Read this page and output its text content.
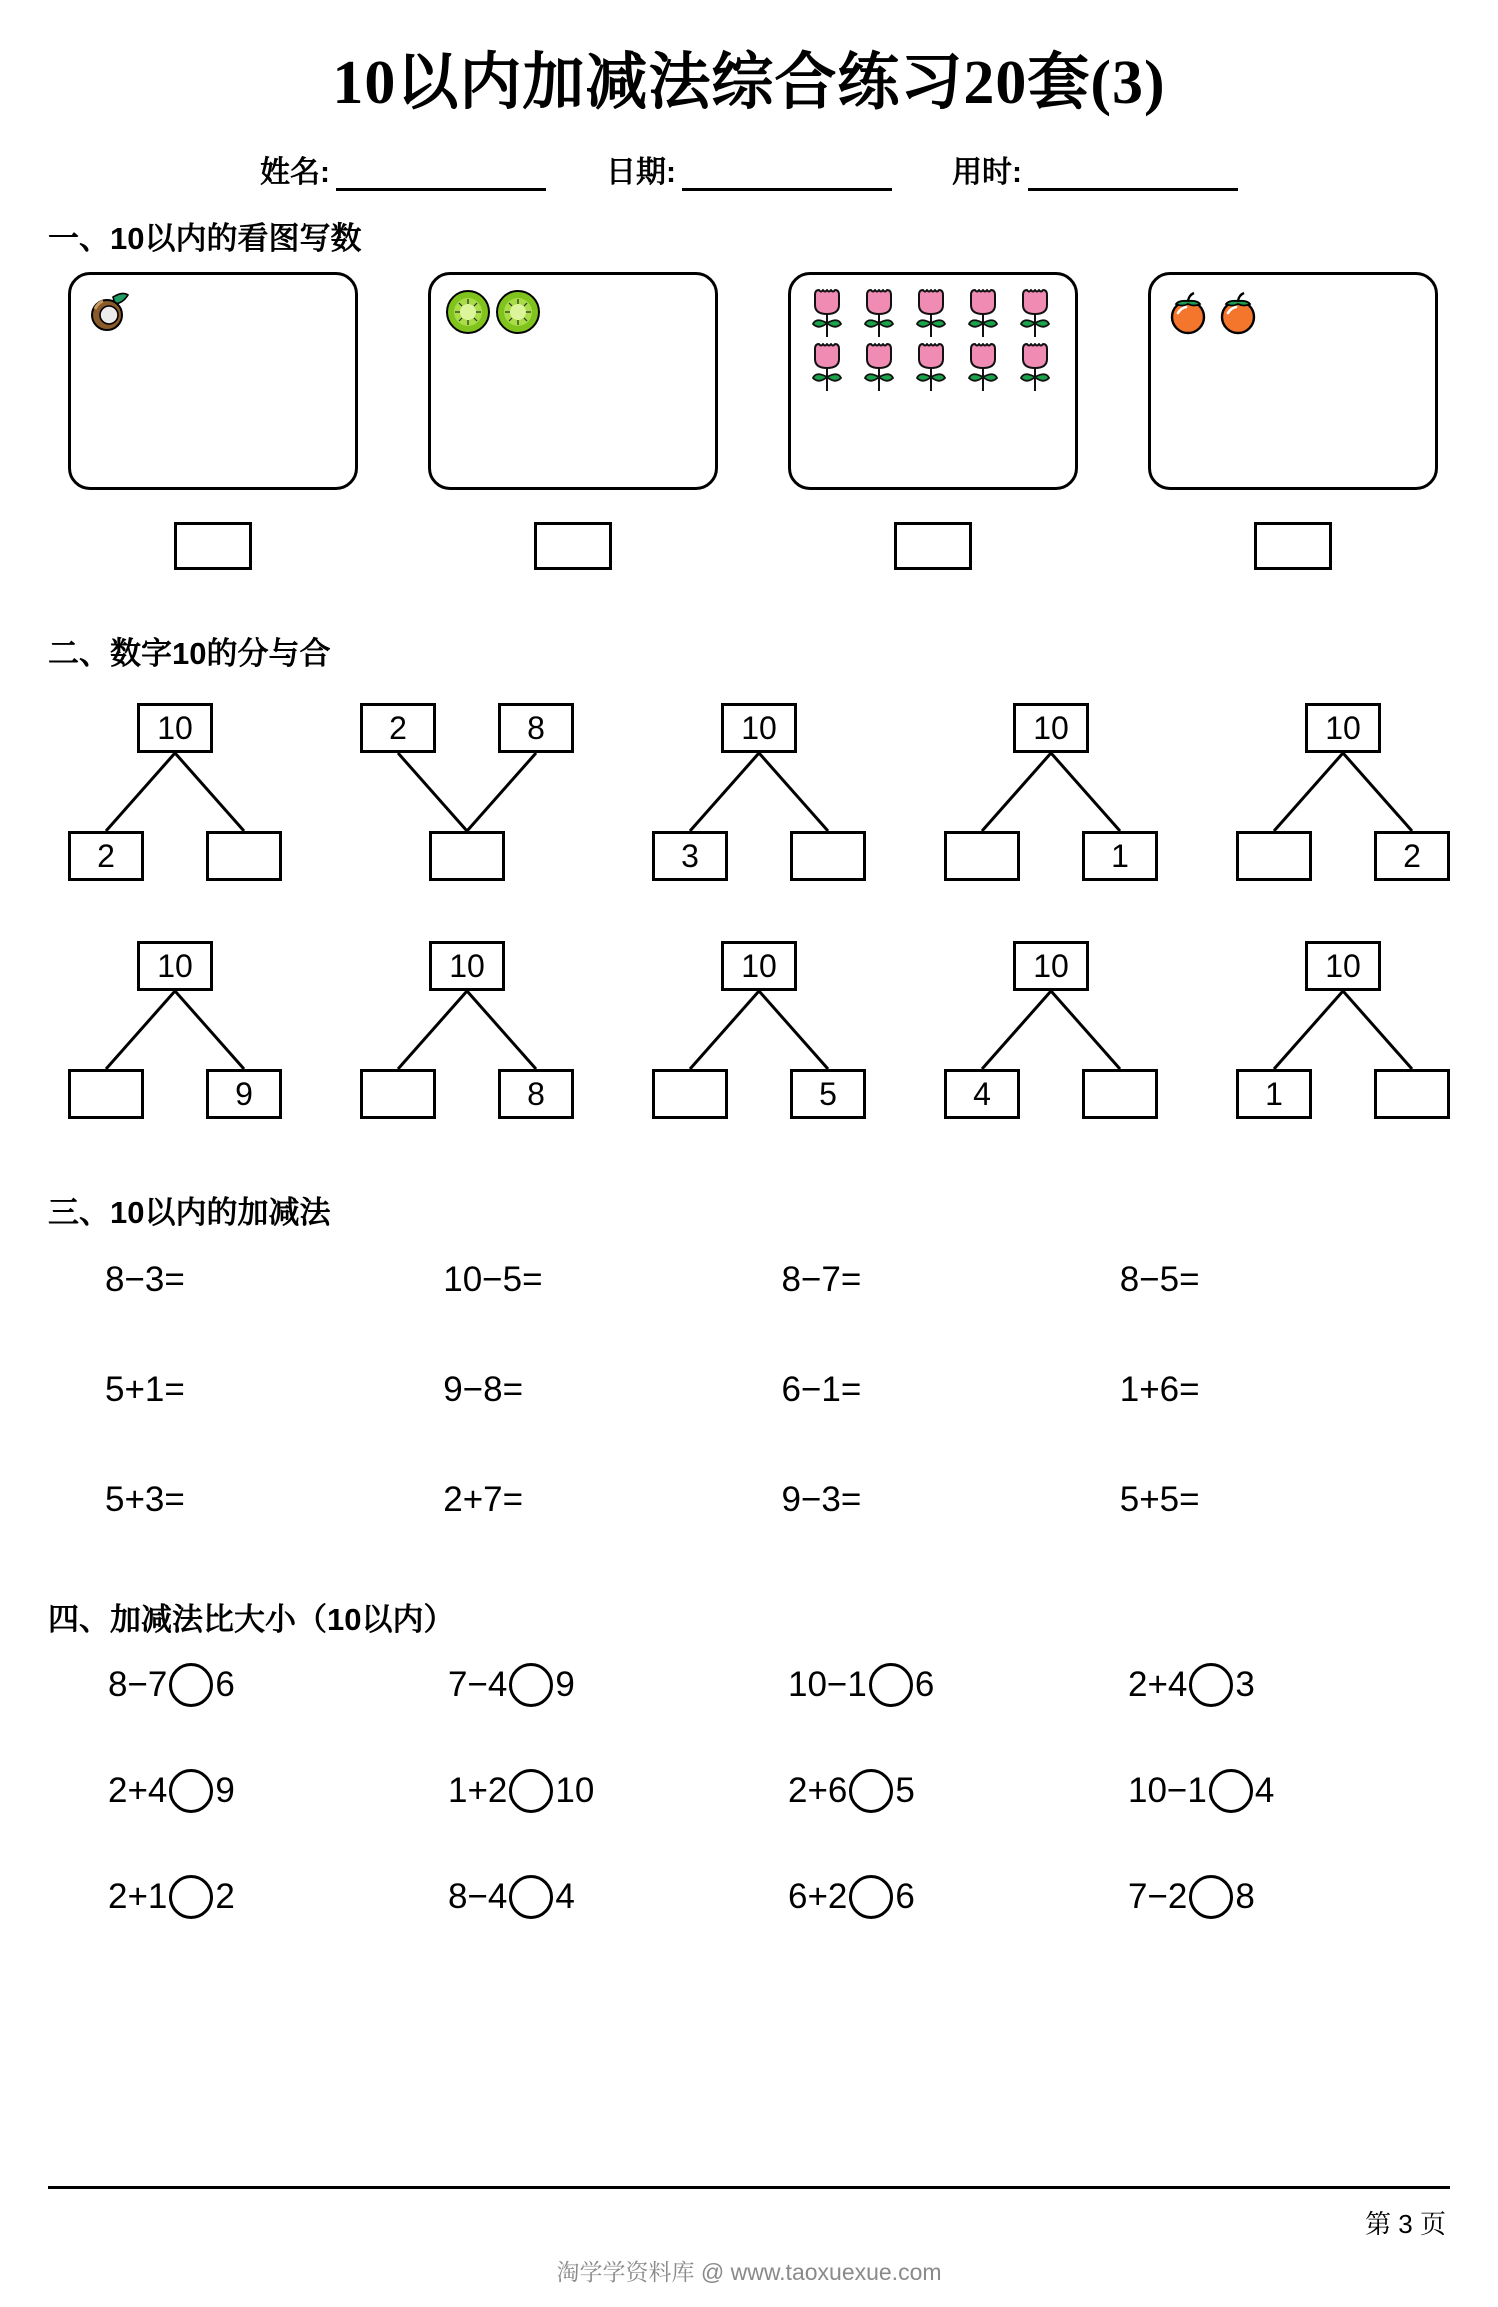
10以内加减法综合练习20套(3)
姓名:	日期:	用时:
一、10以内的看图写数
二、数字10的分与合
10
2
2	8	10
3
10
1
10
2
10
9
10
8
10
5
10
4
10
1
三、10以内的加减法
8−3=	10−5=	8−7=	8−5=
5+1=	9−8=	6−1=	1+6=
5+3=	2+7=	9−3=	5+5=
四、加减法比大小（10以内）
8−7 6	7−4 9	10−1 6	2+4 3
2+4 9	1+2 10	2+6 5	10−1 4
2+1 2	8−4 4	6+2 6	7−2 8
第 3 页
淘学学资料库 @ www.taoxuexue.com
